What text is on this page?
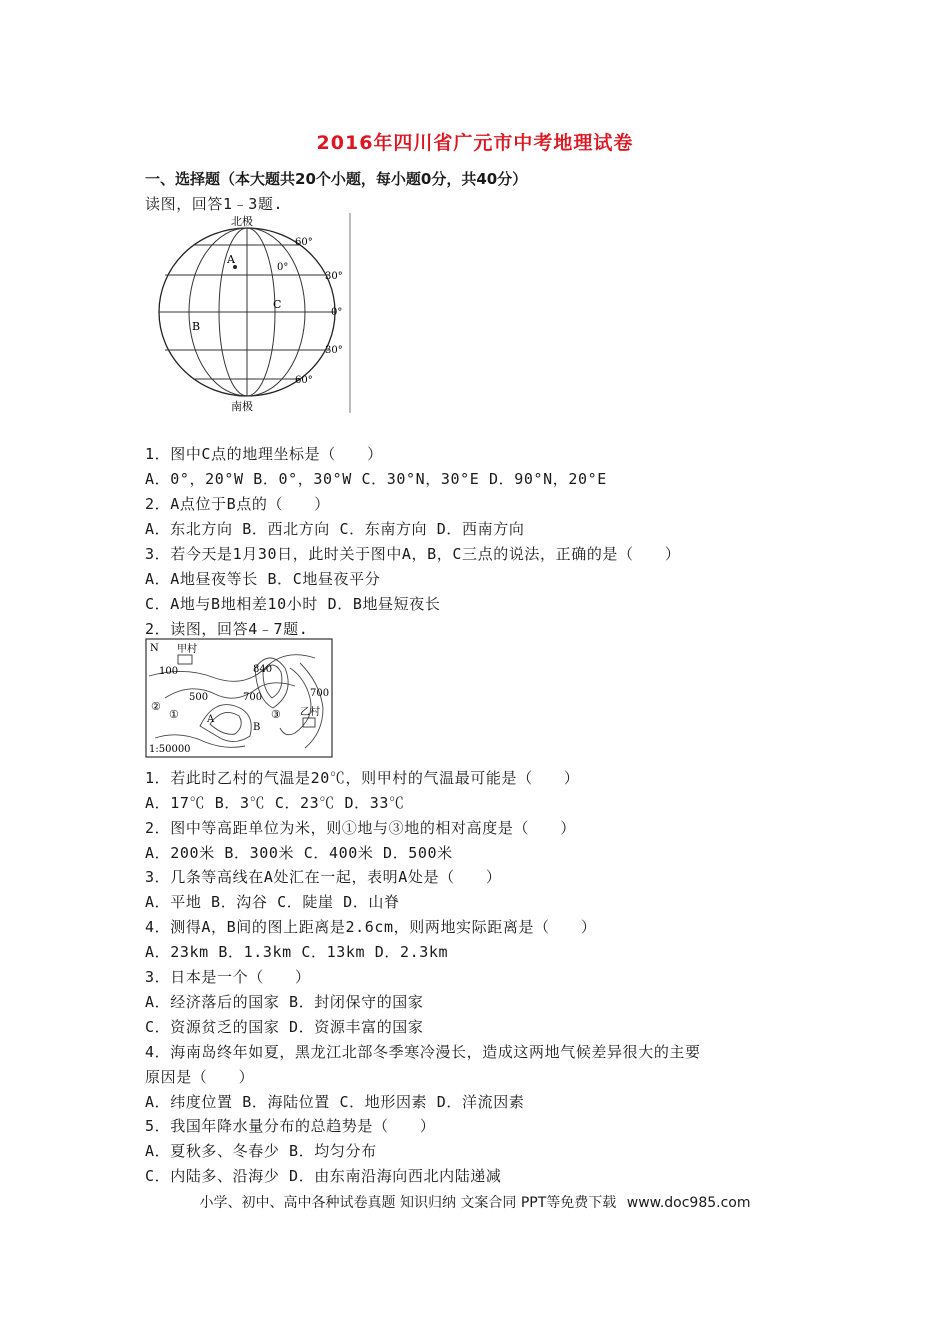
2016年四川省广元市中考地理试卷
一、选择题（本大题共20个小题，每小题0分，共40分）
读图，回答1﹣3题.
北极
南极
60°
30°
0°
30°
60°
0°
A
B
C
1．图中C点的地理坐标是（　　）
A．0°，20°W B．0°，30°W C．30°N，30°E D．90°N，20°E
2．A点位于B点的（　　）
A．东北方向 B．西北方向 C．东南方向 D．西南方向
3．若今天是1月30日，此时关于图中A，B，C三点的说法，正确的是（　　）
A．A地昼夜等长 B．C地昼夜平分
C．A地与B地相差10小时 D．B地昼短夜长
2．读图，回答4﹣7题.
N 甲村
乙村
100
500	700	700
840
①
②
③
A
B
1:50000
1．若此时乙村的气温是20℃，则甲村的气温最可能是（　　）
A．17℃ B．3℃ C．23℃ D．33℃
2．图中等高距单位为米，则①地与③地的相对高度是（　　）
A．200米 B．300米 C．400米 D．500米
3．几条等高线在A处汇在一起，表明A处是（　　）
A．平地 B．沟谷 C．陡崖 D．山脊
4．测得A，B间的图上距离是2.6cm，则两地实际距离是（　　）
A．23km B．1.3km C．13km D．2.3km
3．日本是一个（　　）
A．经济落后的国家 B．封闭保守的国家
C．资源贫乏的国家 D．资源丰富的国家
4．海南岛终年如夏，黑龙江北部冬季寒冷漫长，造成这两地气候差异很大的主要
原因是（　　）
A．纬度位置 B．海陆位置 C．地形因素 D．洋流因素
5．我国年降水量分布的总趋势是（　　）
A．夏秋多、冬春少 B．均匀分布
C．内陆多、沿海少 D．由东南沿海向西北内陆递减
小学、初中、高中各种试卷真题 知识归纳 文案合同 PPT等免费下载 www.doc985.com
